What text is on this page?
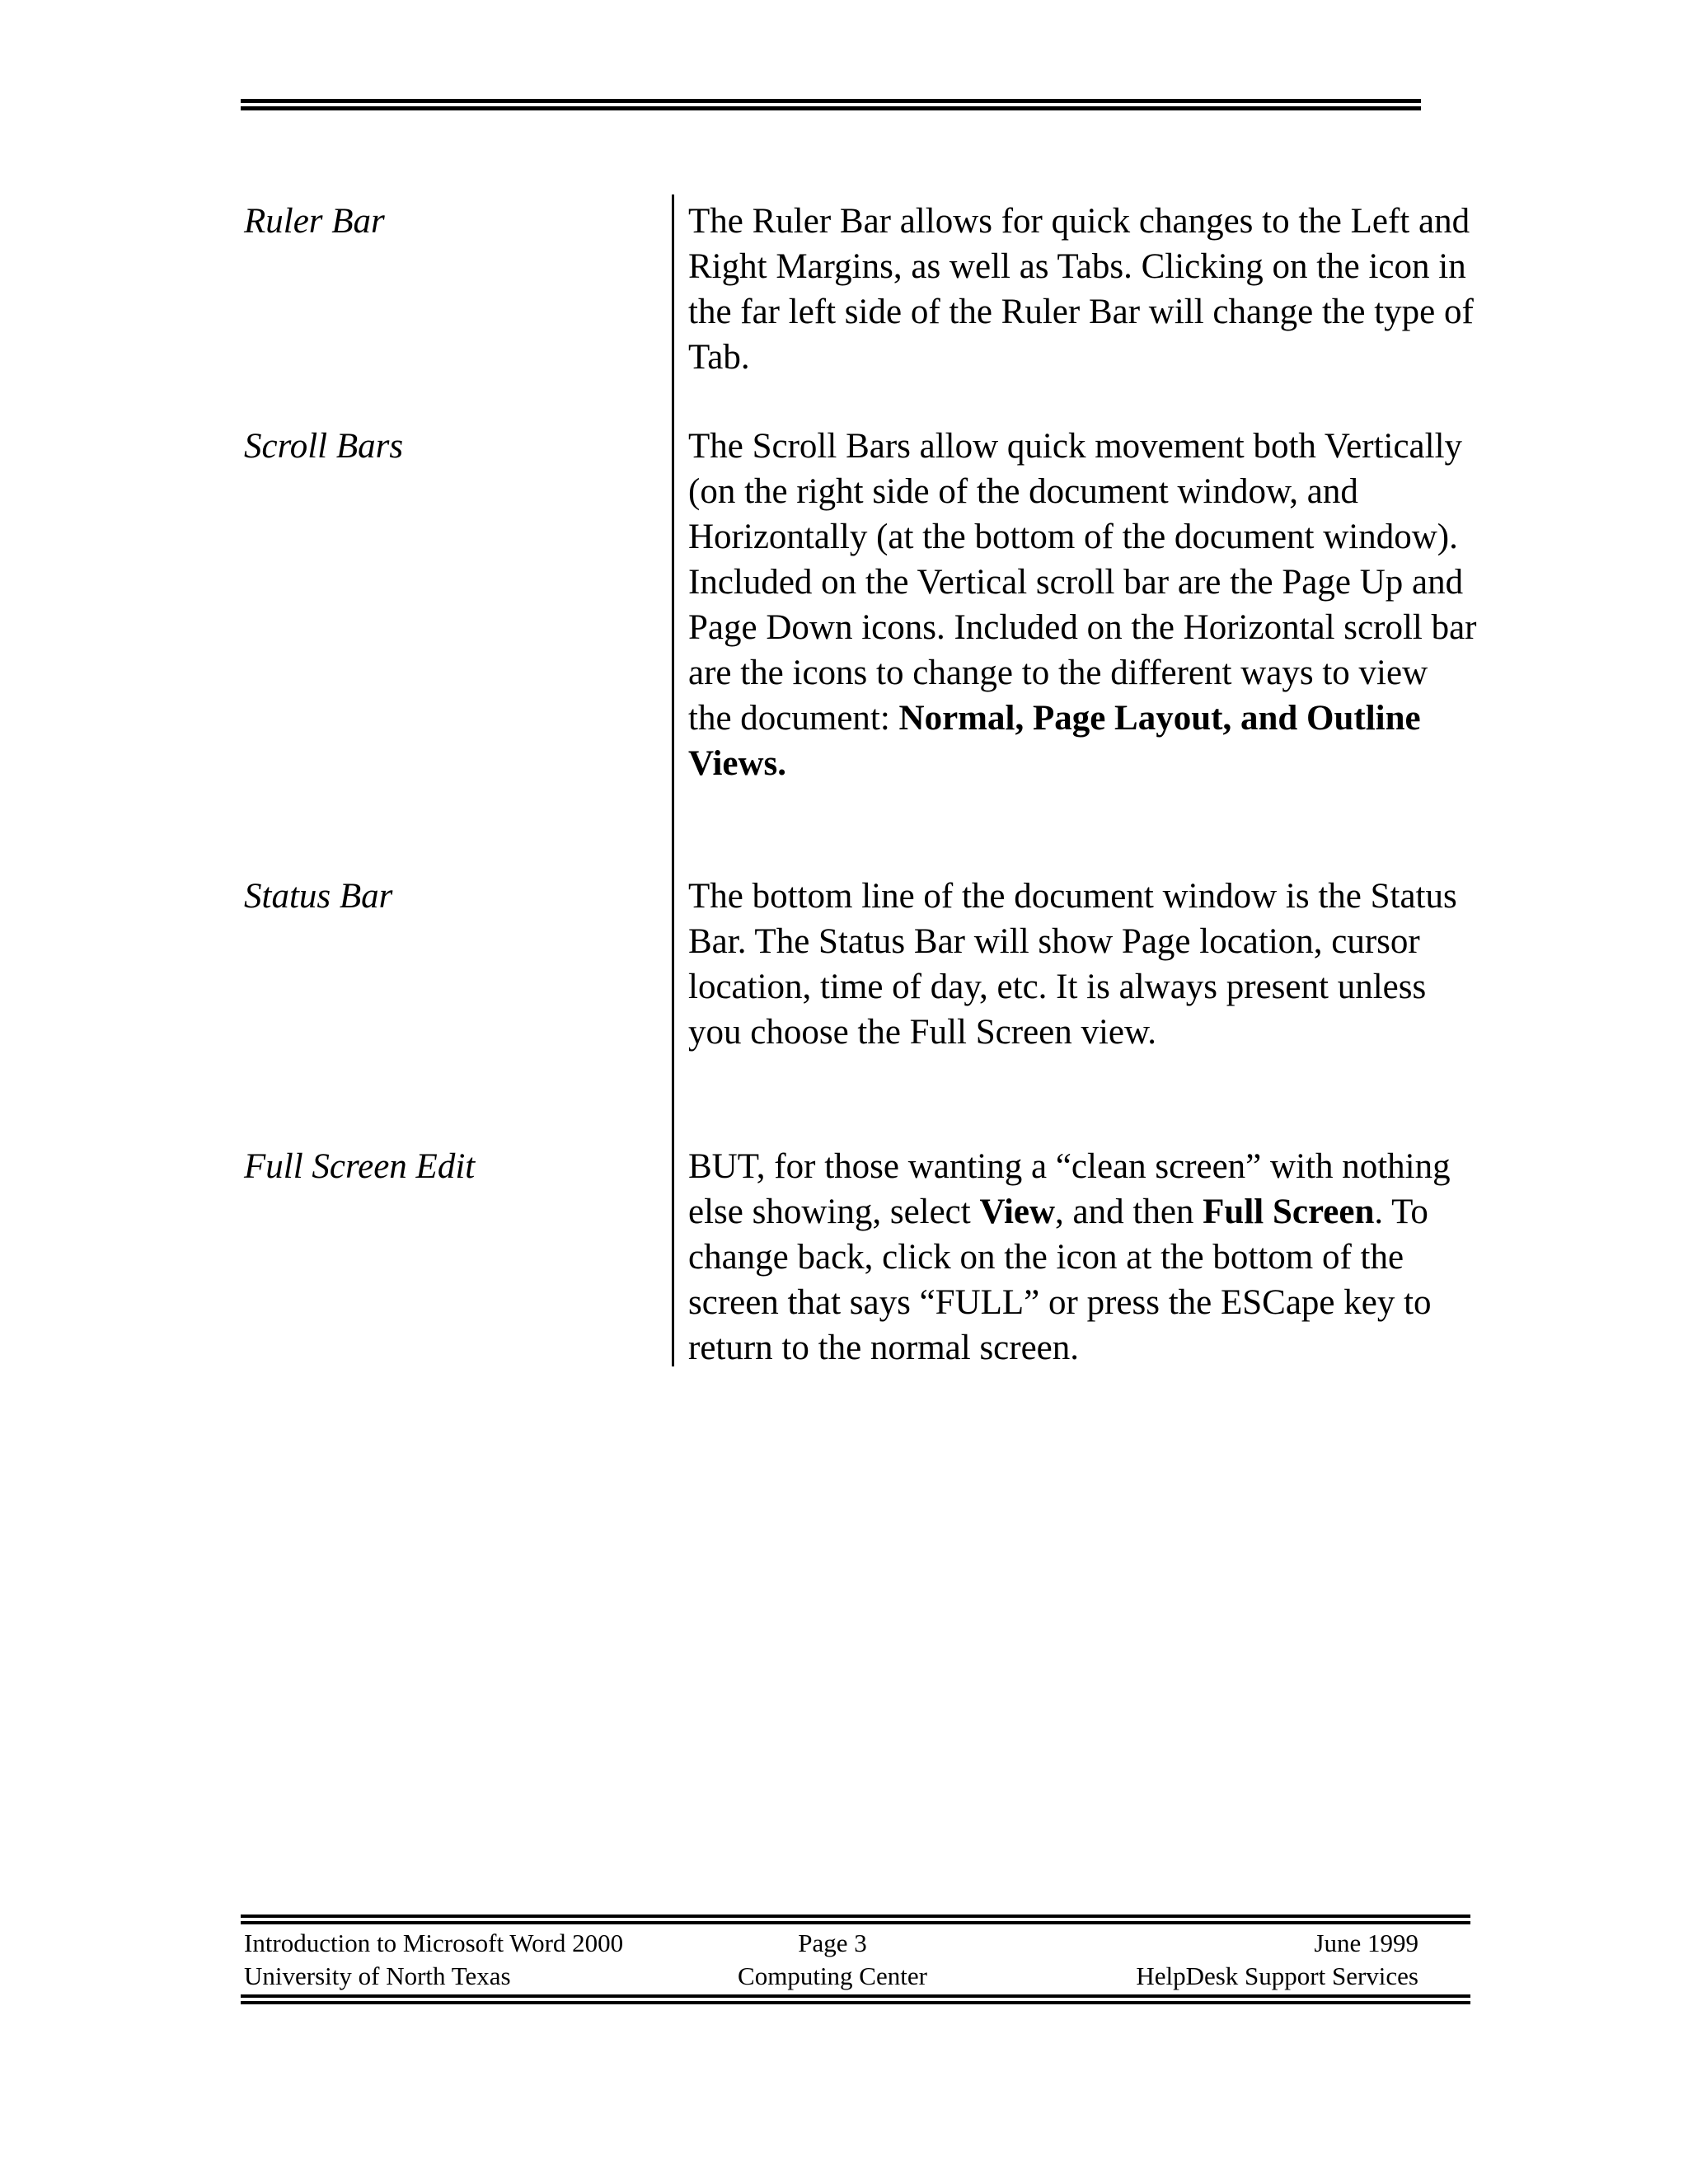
Ruler Bar	The Ruler Bar allows for quick changes to the Left and Right Margins, as well as Tabs. Clicking on the icon in the far left side of the Ruler Bar will change the type of Tab.
Scroll Bars	The Scroll Bars allow quick movement both Vertically (on the right side of the document window, and Horizontally (at the bottom of the document window). Included on the Vertical scroll bar are the Page Up and Page Down icons. Included on the Horizontal scroll bar are the icons to change to the different ways to view the document: Normal, Page Layout, and Outline Views.
Status Bar	The bottom line of the document window is the Status Bar. The Status Bar will show Page location, cursor location, time of day, etc. It is always present unless you choose the Full Screen view.
Full Screen Edit	BUT, for those wanting a “clean screen” with nothing else showing, select View, and then Full Screen. To change back, click on the icon at the bottom of the screen that says “FULL” or press the ESCape key to return to the normal screen.
Introduction to Microsoft Word 2000
University of North Texas
Page 3
Computing Center
June 1999
HelpDesk Support Services
